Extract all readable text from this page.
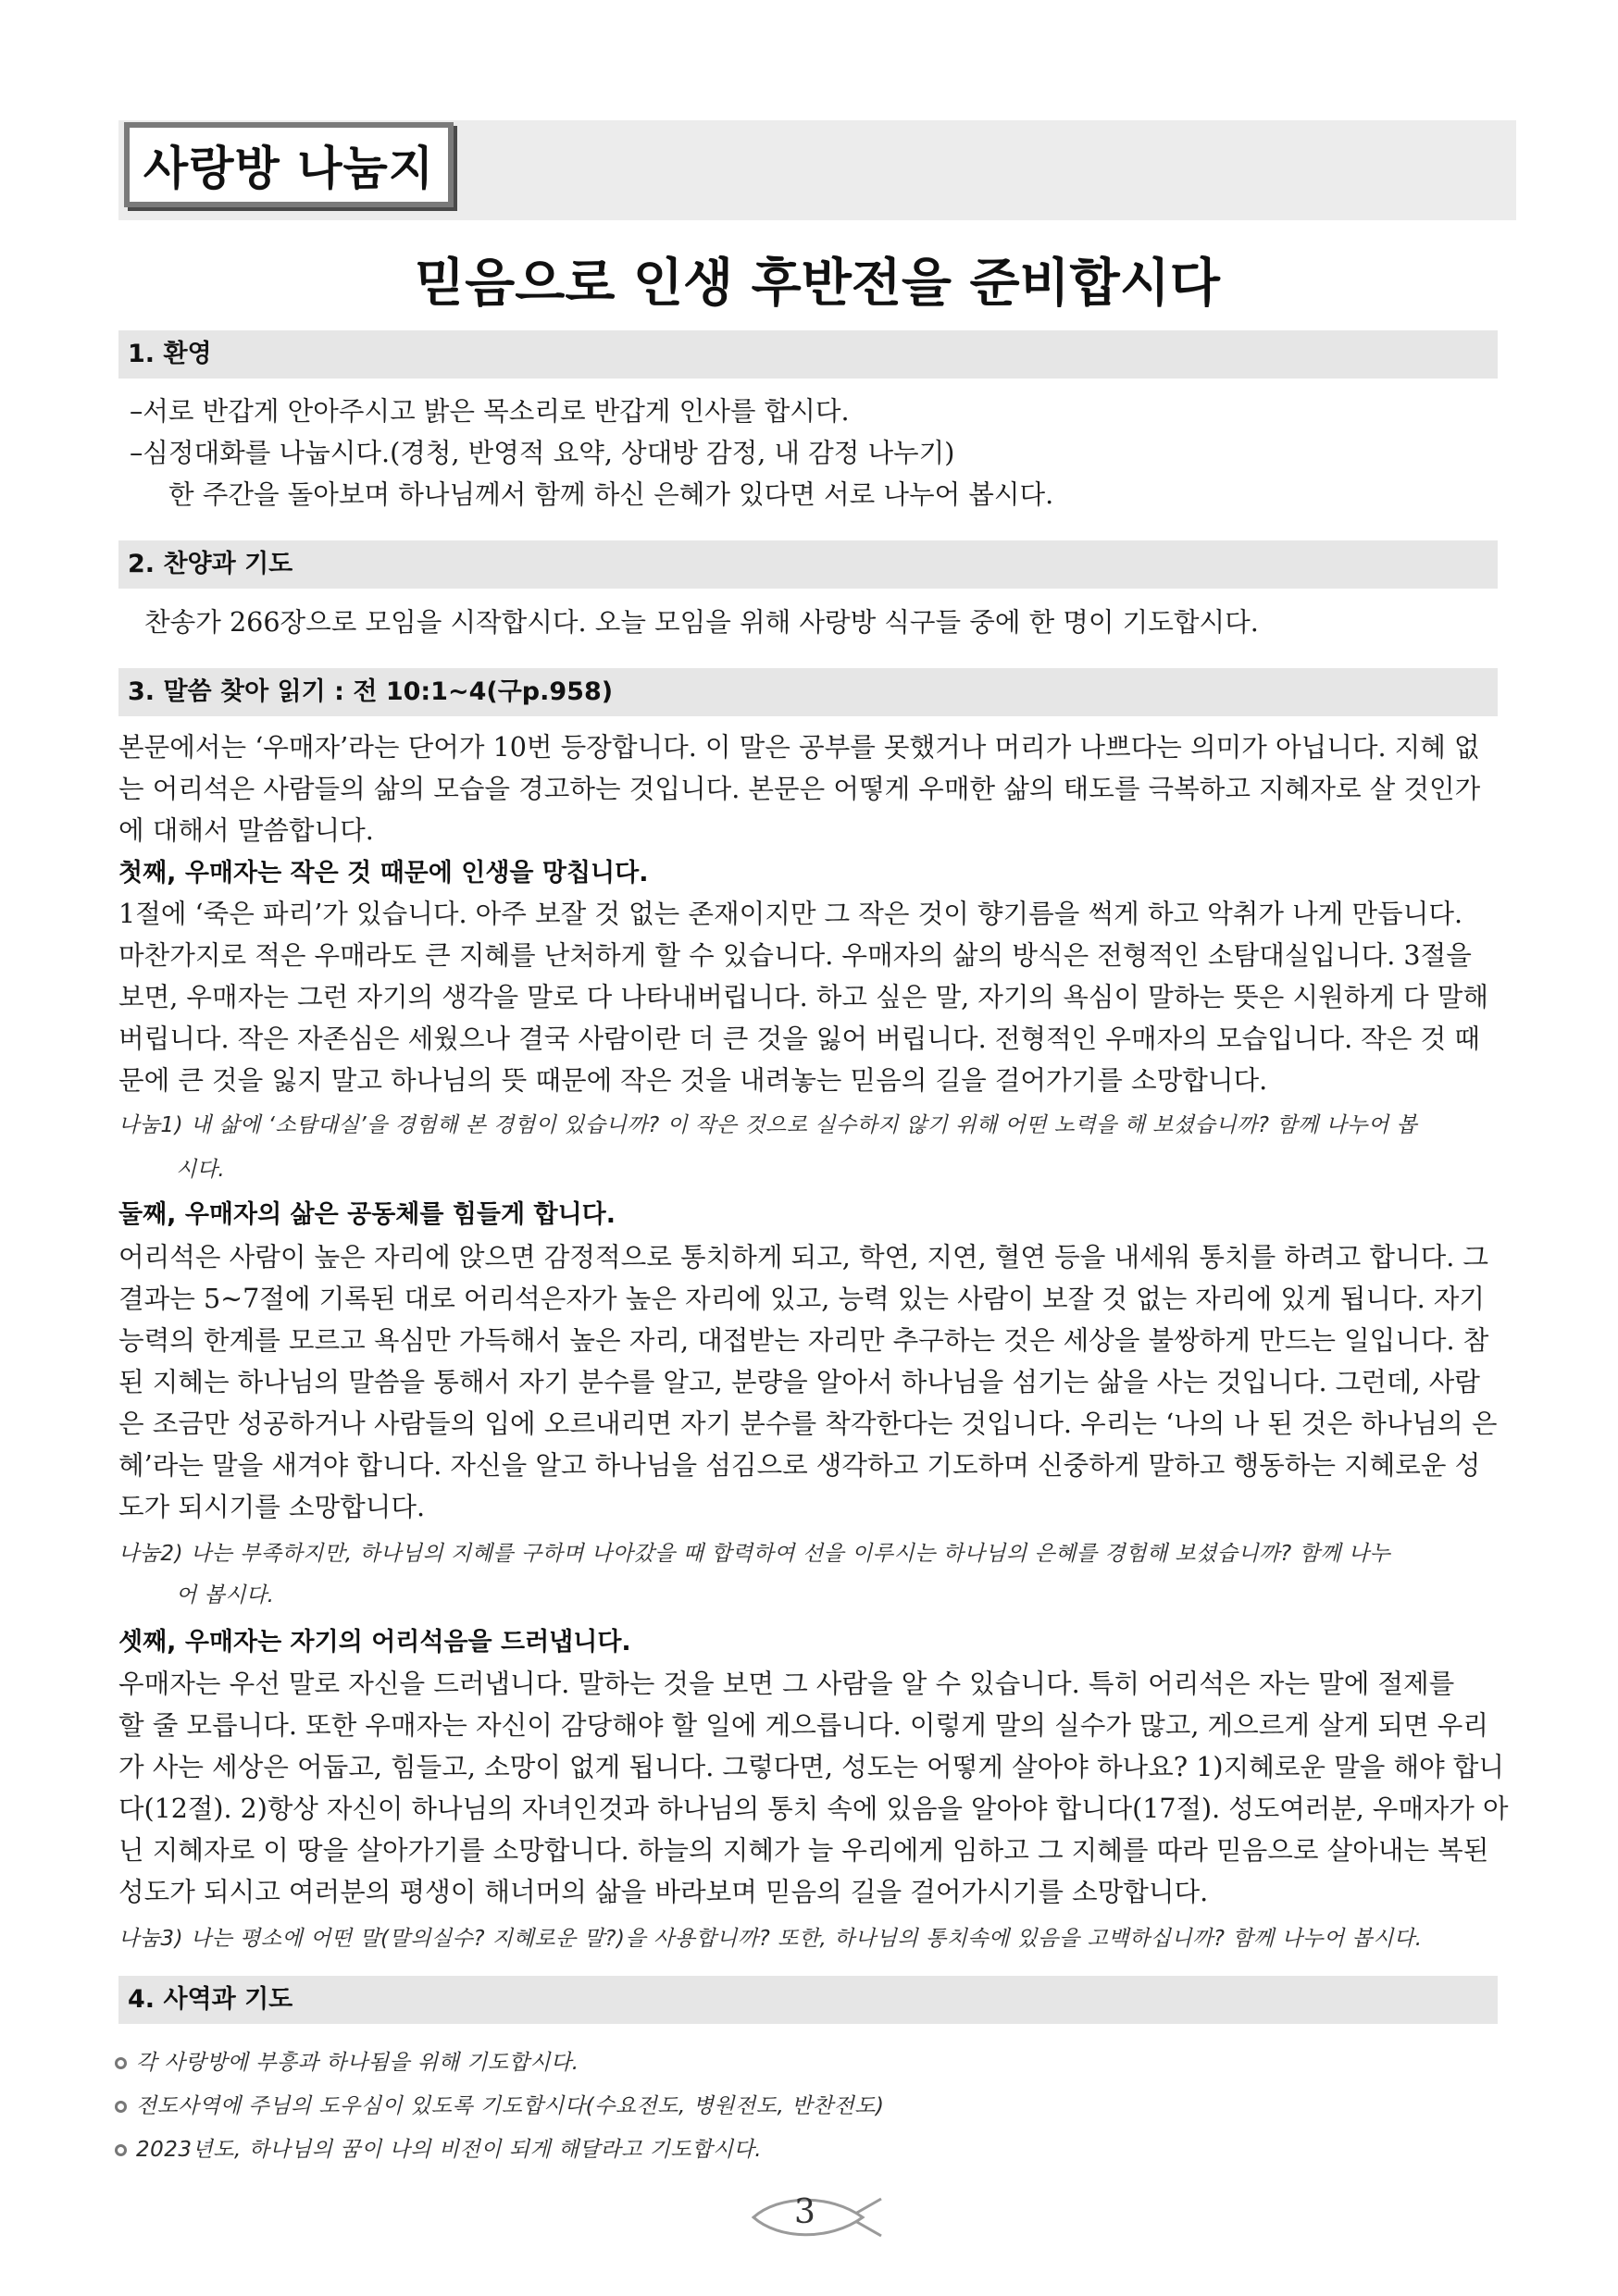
사랑방 나눔지
믿음으로 인생 후반전을 준비합시다
1. 환영
–서로 반갑게 안아주시고 밝은 목소리로 반갑게 인사를 합시다.
–심정대화를 나눕시다.(경청, 반영적 요약, 상대방 감정, 내 감정 나누기)
한 주간을 돌아보며 하나님께서 함께 하신 은혜가 있다면 서로 나누어 봅시다.
2. 찬양과 기도
찬송가 266장으로 모임을 시작합시다. 오늘 모임을 위해 사랑방 식구들 중에 한 명이 기도합시다.
3. 말씀 찾아 읽기 : 전 10:1~4(구p.958)
본문에서는 ‘우매자’라는 단어가 10번 등장합니다. 이 말은 공부를 못했거나 머리가 나쁘다는 의미가 아닙니다. 지혜 없
는 어리석은 사람들의 삶의 모습을 경고하는 것입니다. 본문은 어떻게 우매한 삶의 태도를 극복하고 지혜자로 살 것인가
에 대해서 말씀합니다.
첫째, 우매자는 작은 것 때문에 인생을 망칩니다.
1절에 ‘죽은 파리’가 있습니다. 아주 보잘 것 없는 존재이지만 그 작은 것이 향기름을 썩게 하고 악취가 나게 만듭니다.
마찬가지로 적은 우매라도 큰 지혜를 난처하게 할 수 있습니다. 우매자의 삶의 방식은 전형적인 소탐대실입니다. 3절을
보면, 우매자는 그런 자기의 생각을 말로 다 나타내버립니다. 하고 싶은 말, 자기의 욕심이 말하는 뜻은 시원하게 다 말해
버립니다. 작은 자존심은 세웠으나 결국 사람이란 더 큰 것을 잃어 버립니다. 전형적인 우매자의 모습입니다. 작은 것 때
문에 큰 것을 잃지 말고 하나님의 뜻 때문에 작은 것을 내려놓는 믿음의 길을 걸어가기를 소망합니다.
나눔1) 내 삶에 ‘소탐대실’을 경험해 본 경험이 있습니까? 이 작은 것으로 실수하지 않기 위해 어떤 노력을 해 보셨습니까? 함께 나누어 봅
시다.
둘째, 우매자의 삶은 공동체를 힘들게 합니다.
어리석은 사람이 높은 자리에 앉으면 감정적으로 통치하게 되고, 학연, 지연, 혈연 등을 내세워 통치를 하려고 합니다. 그
결과는 5~7절에 기록된 대로 어리석은자가 높은 자리에 있고, 능력 있는 사람이 보잘 것 없는 자리에 있게 됩니다. 자기
능력의 한계를 모르고 욕심만 가득해서 높은 자리, 대접받는 자리만 추구하는 것은 세상을 불쌍하게 만드는 일입니다. 참
된 지혜는 하나님의 말씀을 통해서 자기 분수를 알고, 분량을 알아서 하나님을 섬기는 삶을 사는 것입니다. 그런데, 사람
은 조금만 성공하거나 사람들의 입에 오르내리면 자기 분수를 착각한다는 것입니다. 우리는 ‘나의 나 된 것은 하나님의 은
혜’라는 말을 새겨야 합니다. 자신을 알고 하나님을 섬김으로 생각하고 기도하며 신중하게 말하고 행동하는 지혜로운 성
도가 되시기를 소망합니다.
나눔2) 나는 부족하지만, 하나님의 지혜를 구하며 나아갔을 때 합력하여 선을 이루시는 하나님의 은혜를 경험해 보셨습니까? 함께 나누
어 봅시다.
셋째, 우매자는 자기의 어리석음을 드러냅니다.
우매자는 우선 말로 자신을 드러냅니다. 말하는 것을 보면 그 사람을 알 수 있습니다. 특히 어리석은 자는 말에 절제를
할 줄 모릅니다. 또한 우매자는 자신이 감당해야 할 일에 게으릅니다. 이렇게 말의 실수가 많고, 게으르게 살게 되면 우리
가 사는 세상은 어둡고, 힘들고, 소망이 없게 됩니다. 그렇다면, 성도는 어떻게 살아야 하나요? 1)지혜로운 말을 해야 합니
다(12절). 2)항상 자신이 하나님의 자녀인것과 하나님의 통치 속에 있음을 알아야 합니다(17절). 성도여러분, 우매자가 아
닌 지혜자로 이 땅을 살아가기를 소망합니다. 하늘의 지혜가 늘 우리에게 임하고 그 지혜를 따라 믿음으로 살아내는 복된
성도가 되시고 여러분의 평생이 해너머의 삶을 바라보며 믿음의 길을 걸어가시기를 소망합니다.
나눔3) 나는 평소에 어떤 말(말의실수? 지혜로운 말?)을 사용합니까? 또한, 하나님의 통치속에 있음을 고백하십니까? 함께 나누어 봅시다.
4. 사역과 기도
각 사랑방에 부흥과 하나됨을 위해 기도합시다.
전도사역에 주님의 도우심이 있도록 기도합시다(수요전도, 병원전도, 반찬전도)
2023년도, 하나님의 꿈이 나의 비전이 되게 해달라고 기도합시다.
3
